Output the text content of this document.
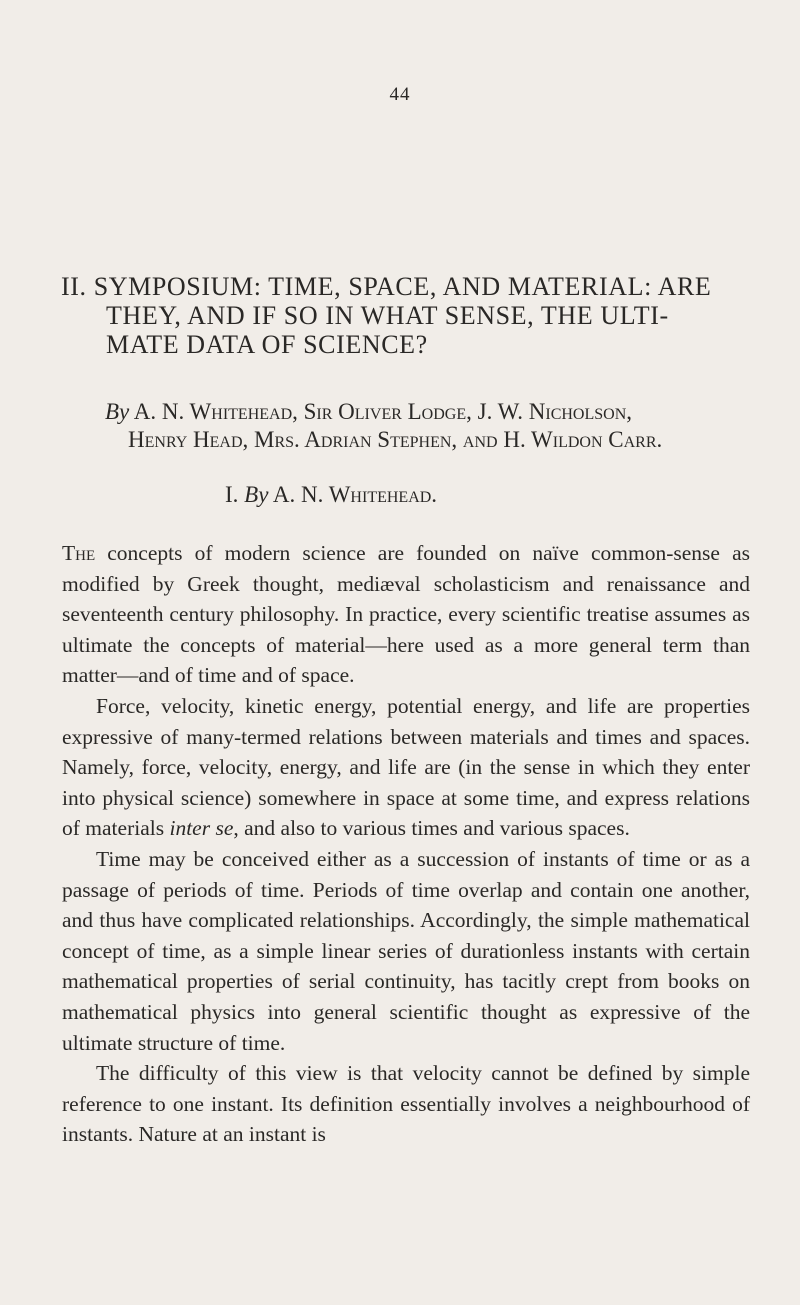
44
II. SYMPOSIUM: TIME, SPACE, AND MATERIAL: ARE
THEY, AND IF SO IN WHAT SENSE, THE ULTI-
MATE DATA OF SCIENCE?
By A. N. Whitehead, Sir Oliver Lodge, J. W. Nicholson,
Henry Head, Mrs. Adrian Stephen, and H. Wildon Carr.
I. By A. N. Whitehead.

The concepts of modern science are founded on naïve common-sense as modified by Greek thought, mediæval scholasticism and renaissance and seventeenth century philosophy. In practice, every scientific treatise assumes as ultimate the concepts of material—here used as a more general term than matter—and of time and of space.

Force, velocity, kinetic energy, potential energy, and life are properties expressive of many-termed relations between materials and times and spaces. Namely, force, velocity, energy, and life are (in the sense in which they enter into physical science) somewhere in space at some time, and express relations of materials inter se, and also to various times and various spaces.

Time may be conceived either as a succession of instants of time or as a passage of periods of time. Periods of time overlap and contain one another, and thus have complicated relationships. Accordingly, the simple mathematical concept of time, as a simple linear series of durationless instants with certain mathematical properties of serial continuity, has tacitly crept from books on mathematical physics into general scientific thought as expressive of the ultimate structure of time.

The difficulty of this view is that velocity cannot be defined by simple reference to one instant. Its definition essentially involves a neighbourhood of instants. Nature at an instant is
